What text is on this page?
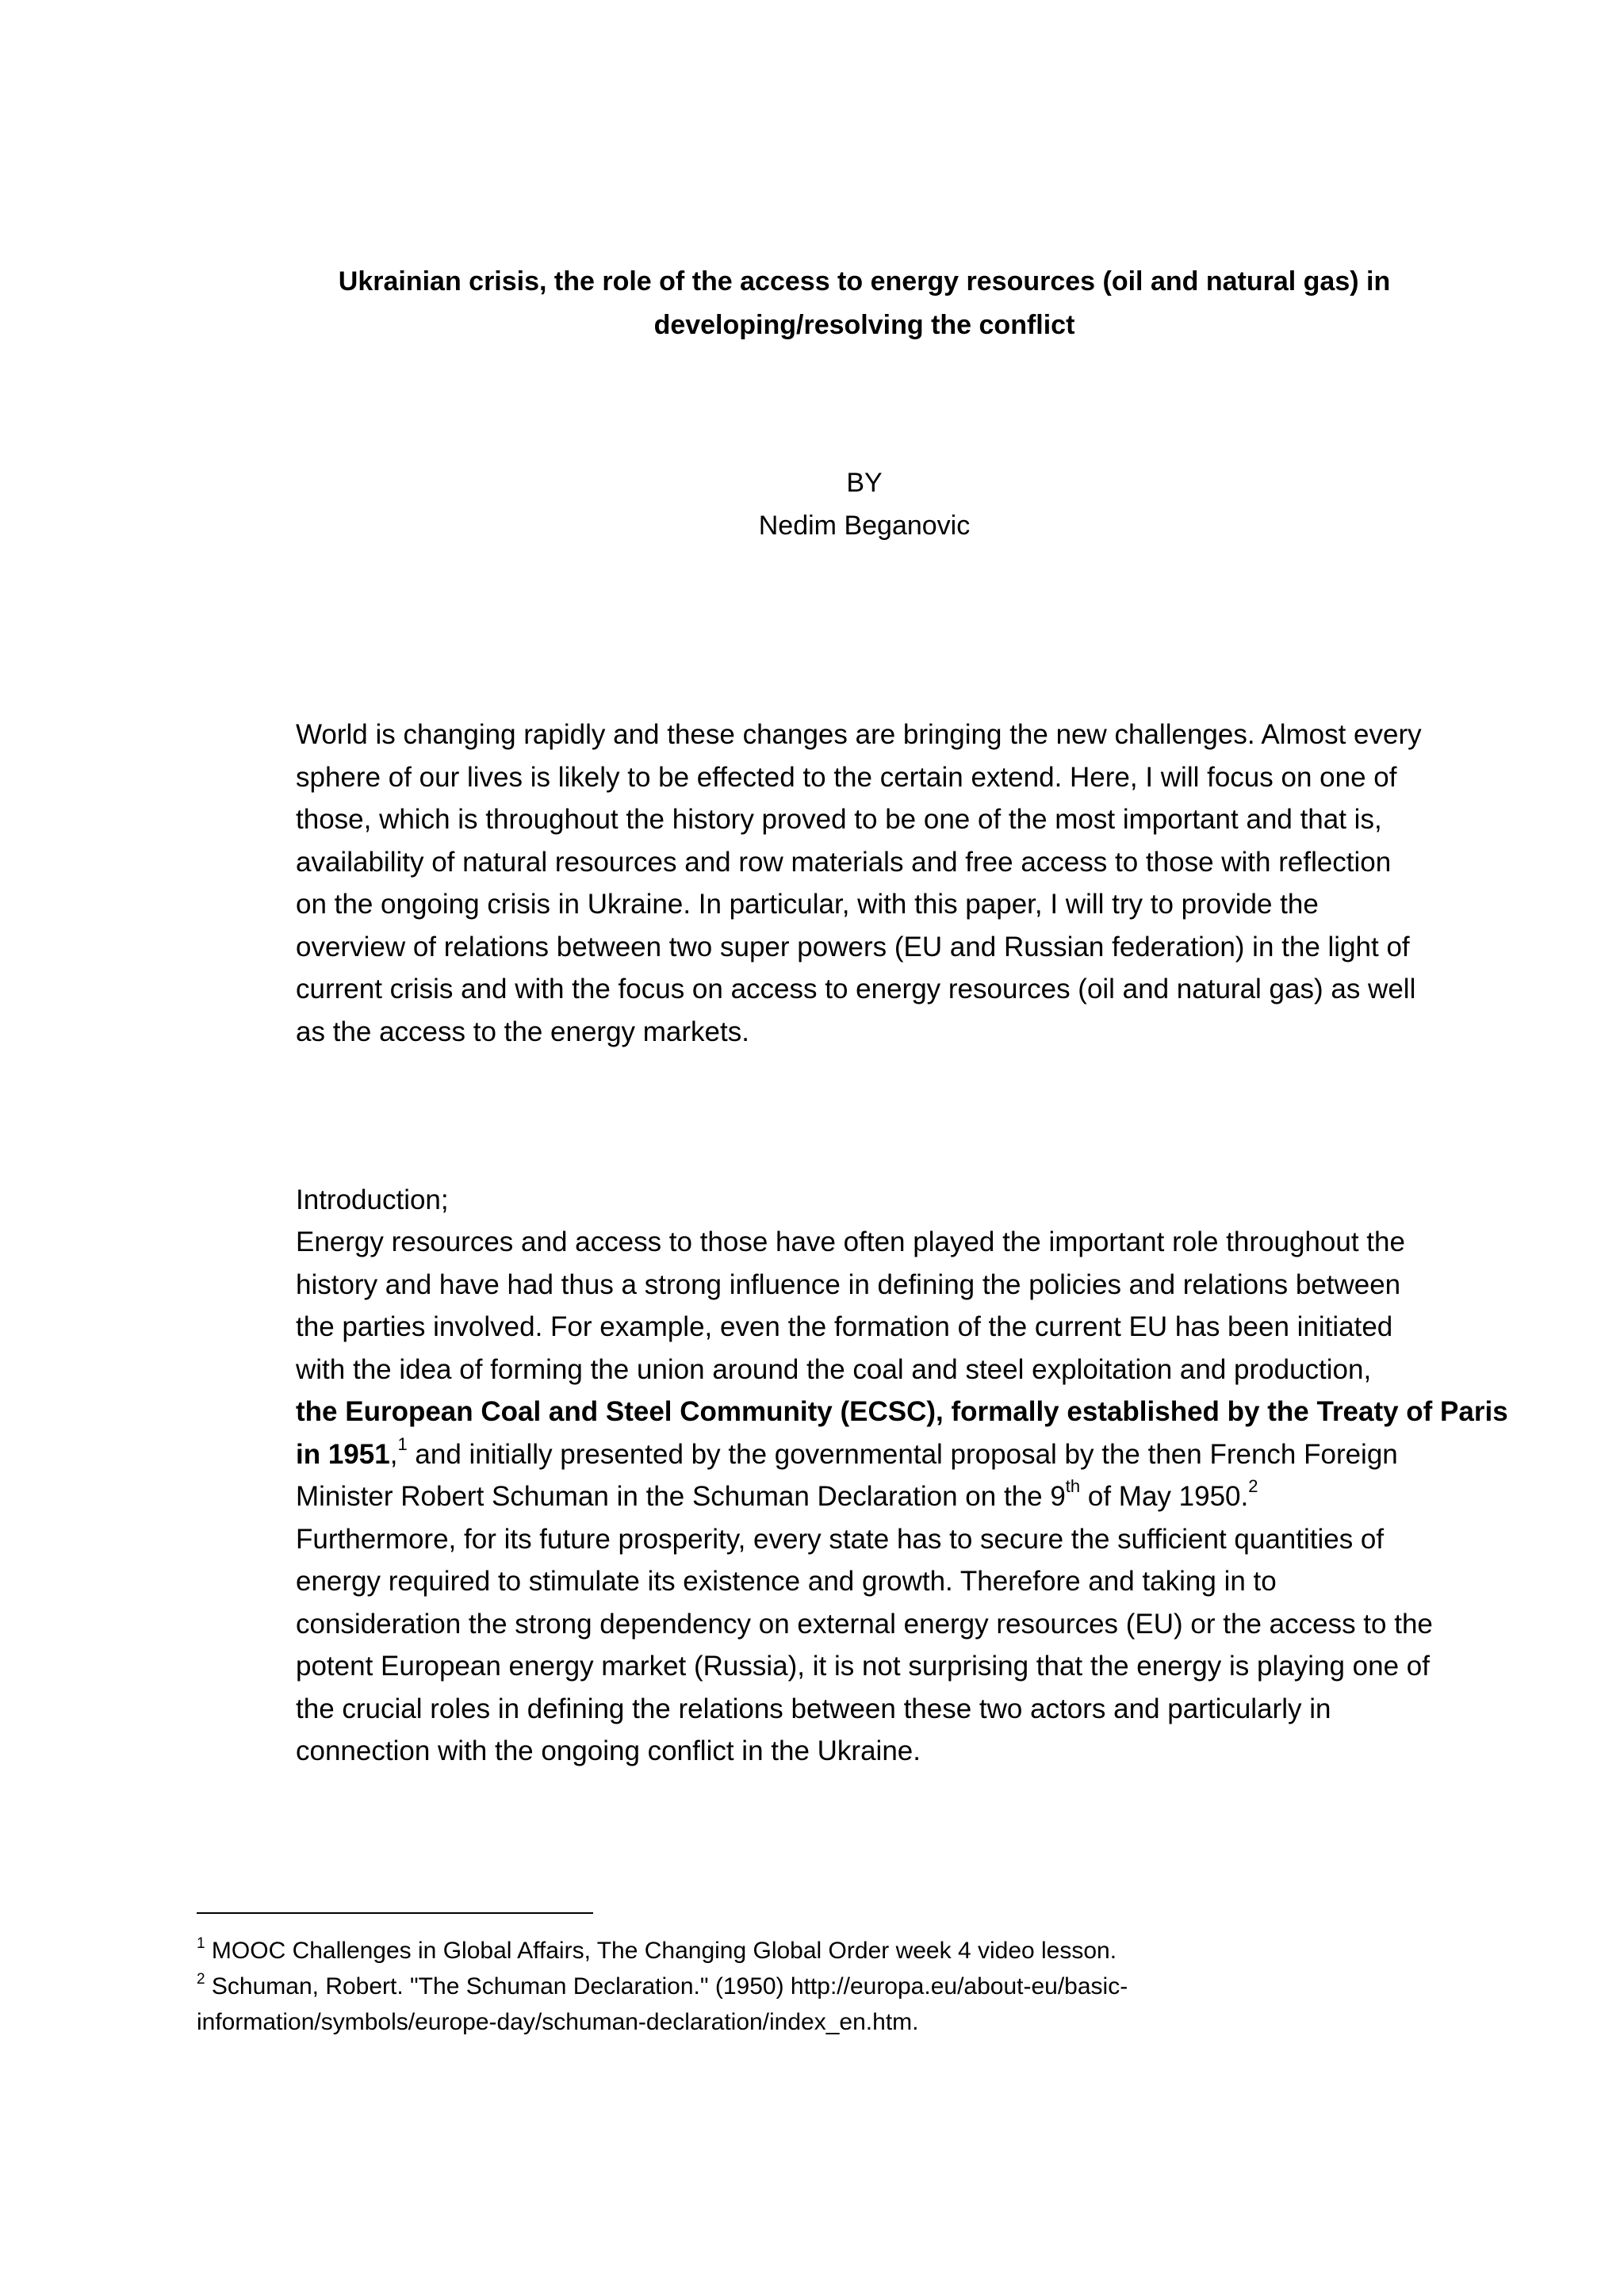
Ukrainian crisis, the role of the access to energy resources (oil and natural gas) in
developing/resolving the conflict
BY
Nedim Beganovic
World is changing rapidly and these changes are bringing the new challenges. Almost every
sphere of our lives is likely to be effected to the certain extend. Here, I will focus on one of
those, which is throughout the history proved to be one of the most important and that is,
availability of natural resources and row materials and free access to those with reflection
on the ongoing crisis in Ukraine. In particular, with this paper, I will try to provide the
overview of relations between two super powers (EU and Russian federation) in the light of
current crisis and with the focus on access to energy resources (oil and natural gas) as well
as the access to the energy markets.
Introduction;
Energy resources and access to those have often played the important role throughout the
history and have had thus a strong influence in defining the policies and relations between
the parties involved. For example, even the formation of the current EU has been initiated
with the idea of forming the union around the coal and steel exploitation and production,
the European Coal and Steel Community (ECSC), formally established by the Treaty of Paris
in 1951,$^1$ and initially presented by the governmental proposal by the then French Foreign
Minister Robert Schuman in the Schuman Declaration on the 9th of May 1950.$^2$
Furthermore, for its future prosperity, every state has to secure the sufficient quantities of
energy required to stimulate its existence and growth. Therefore and taking in to
consideration the strong dependency on external energy resources (EU) or the access to the
potent European energy market (Russia), it is not surprising that the energy is playing one of
the crucial roles in defining the relations between these two actors and particularly in
connection with the ongoing conflict in the Ukraine.
$^1$ MOOC Challenges in Global Affairs, The Changing Global Order week 4 video lesson.
$^2$ Schuman, Robert. "The Schuman Declaration." (1950) http://europa.eu/about-eu/basic-
information/symbols/europe-day/schuman-declaration/index_en.htm.
